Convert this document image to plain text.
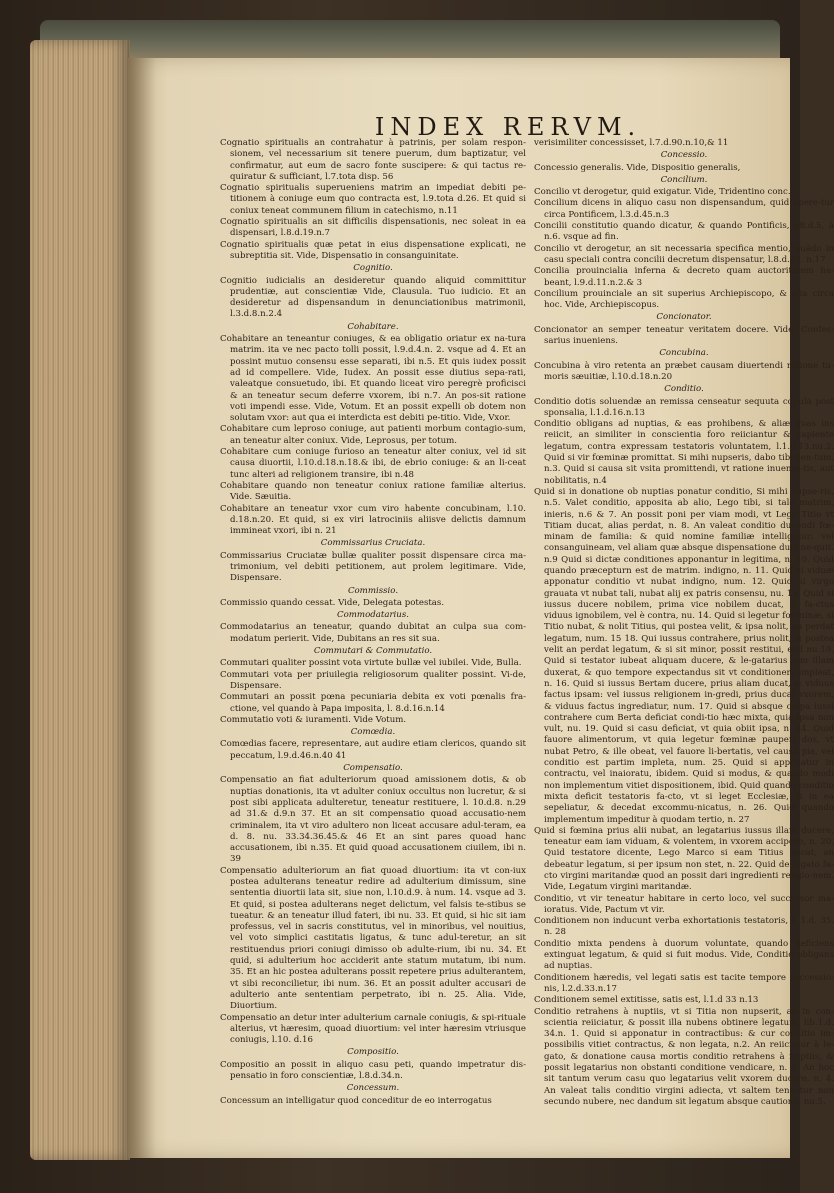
INDEX RERVM.

Cognatio spiritualis an contrahatur à patrinis, per solam respon-sionem, vel necessarium sit tenere puerum, dum baptizatur, vel confirmatur, aut eum de sacro fonte suscipere: & qui tactus re-quiratur & sufficiant, l.7.tota disp. 56

Cognatio spiritualis superueniens matrim an impediat debiti pe-titionem à coniuge eum quo contracta est, l.9.tota d.26. Et quid si coniux teneat communem filium in catechismo, n.11

Cognatio spiritualis an sit difficilis dispensationis, nec soleat in ea dispensari, l.8.d.19.n.7

Cognatio spiritualis quæ petat in eius dispensatione explicati, ne subreptitia sit. Vide, Dispensatio in consanguinitate.

Cognitio.

Cognitio iudicialis an desideretur quando aliquid committitur prudentiæ, aut conscientiæ Vide, Clausula. Tuo iudicio. Et an desideretur ad dispensandum in denunciationibus matrimonii, l.3.d.8.n.2.4

Cohabitare.

Cohabitare an teneantur coniuges, & ea obligatio oriatur ex na-tura matrim. ita ve nec pacto tolli possit, l.9.d.4.n. 2. vsque ad 4. Et an possint mutuo consensu esse separati, ibi n.5. Et quis iudex possit ad id compellere. Vide, Iudex. An possit esse diutius sepa-rati, valeatque consuetudo, ibi. Et quando liceat viro peregrè proficisci & an teneatur secum deferre vxorem, ibi n.7. An pos-sit ratione voti impendi esse. Vide, Votum. Et an possit expelli ob dotem non solutam vxor: aut qua ei interdicta est debiti pe-titio. Vide, Vxor.

Cohabitare cum leproso coniuge, aut patienti morbum contagio-sum, an teneatur alter coniux. Vide, Leprosus, per totum.

Cohabitare cum coniuge furioso an teneatur alter coniux, vel id sit causa diuortii, l.10.d.18.n.18.& ibi, de ebrio coniuge: & an li-ceat tunc alteri ad religionem transire, ibi n.48

Cohabitare quando non teneatur coniux ratione familiæ alterius. Vide. Sæuitia.

Cohabitare an teneatur vxor cum viro habente concubinam, l.10. d.18.n.20. Et quid, si ex viri latrociniis aliisve delictis damnum immineat vxori, ibi n. 21

Commissarius Cruciata.

Commissarius Cruciatæ bullæ qualiter possit dispensare circa ma-trimonium, vel debiti petitionem, aut prolem legitimare. Vide, Dispensare.

Commissio.

Commissio quando cessat. Vide, Delegata potestas.

Commodatarius.

Commodatarius an teneatur, quando dubitat an culpa sua com-modatum perierit. Vide, Dubitans an res sit sua.

Commutari & Commutatio.

Commutari qualiter possint vota virtute bullæ vel iubilei. Vide, Bulla.

Commutari vota per priuilegia religiosorum qualiter possint. Vi-de, Dispensare.

Commutari an possit pœna pecuniaria debita ex voti pœnalis fra-ctione, vel quando à Papa imposita, l. 8.d.16.n.14

Commutatio voti & iuramenti. Vide Votum.

Comœdia.

Comœdias facere, representare, aut audire etiam clericos, quando sit peccatum, l.9.d.46.n.40 41

Compensatio.

Compensatio an fiat adulteriorum quoad amissionem dotis, & ob nuptias donationis, ita vt adulter coniux occultus non lucretur, & si post sibi applicata adulteretur, teneatur restituere, l. 10.d.8. n.29 ad 31.& d.9.n 37. Et an sit compensatio quoad accusatio-nem criminalem, ita vt viro adultero non liceat accusare adul-teram, ea d. 8. nu. 33.34.36.45.& 46 Et an sint pares quoad hanc accusationem, ibi n.35. Et quid quoad accusationem ciuilem, ibi n. 39

Compensatio adulteriorum an fiat quoad diuortium: ita vt con-iux postea adulterans teneatur redire ad adulterium dimissum, sine sententia diuortii lata sit, siue non, l.10.d.9. à num. 14. vsque ad 3. Et quid, si postea adulterans neget delictum, vel falsis te-stibus se tueatur. & an teneatur illud fateri, ibi nu. 33. Et quid, si hic sit iam professus, vel in sacris constitutus, vel in minoribus, vel nouitius, vel voto simplici castitatis ligatus, & tunc adul-teretur, an sit restituendus priori coniugi dimisso ob adulte-rium, ibi nu. 34. Et quid, si adulterium hoc acciderit ante statum mutatum, ibi num. 35. Et an hic postea adulterans possit repetere prius adulterantem, vt sibi reconcilietur, ibi num. 36. Et an possit adulter accusari de adulterio ante sententiam perpetrato, ibi n. 25. Alia. Vide, Diuortium.

Compensatio an detur inter adulterium carnale coniugis, & spi-rituale alterius, vt hæresim, quoad diuortium: vel inter hæresim vtriusque coniugis, l.10. d.16

Compositio.

Compositio an possit in aliquo casu peti, quando impetratur dis-pensatio in foro conscientiæ, l.8.d.34.n.

Concessum.

Concessum an intelligatur quod conceditur de eo interrogatus

verisimiliter concessisset, l.7.d.90.n.10,& 11

Concessio.

Concessio generalis. Vide, Dispositio generalis,

Concilium.

Concilio vt derogetur, quid exigatur. Vide, Tridentino conc.

Concilium dicens in aliquo casu non dispensandum, quid opere-tur circa Pontificem, l.3.d.45.n.3

Concilii constitutio quando dicatur, & quando Pontificis, l.8.d.5, à n.6. vsque ad fin.

Concilio vt derogetur, an sit necessaria specifica mentio, quãdo in casu speciali contra concilii decretum dispensatur, l.8.d.33. n.17

Concilia prouincialia inferna & decreto quam auctoritatem ha-beant, l.9.d.11.n.2.& 3

Concilium prouinciale an sit superius Archiepiscopo, & alia circa hoc. Vide, Archiepiscopus.

Concionator.

Concionator an semper teneatur veritatem docere. Vide, Confes-sarius inueniens.

Concubina.

Concubina à viro retenta an præbet causam diuertendi ratione tu-moris sæuitiæ, l.10.d.18.n.20

Conditio.

Conditio dotis soluendæ an remissa censeatur sequuta copula post sponsalia, l.1.d.16.n.13

Conditio obligans ad nuptias, & eas prohibens, & aliæ quas ins reiicit, an similiter in conscientia foro reiiciantur & capiente legatum, contra expressam testatoris voluntatem, l.1.d.13.nu.2. Quid si vir fœminæ promittat. Si mihi nupseris, dabo tibi cen-tum, n.3. Quid si causa sit vsita promittendi, vt ratione inuentu-tis, aut nobilitatis, n.4

Quid si in donatione ob nuptias ponatur conditio, Si mihi nupse-ris, n.5. Valet conditio, apposita ab alio, Lego tibi, si tale matrim. inieris, n.6 & 7. An possit poni per viam modi, vt Lego Titio vt Titiam ducat, alias perdat, n. 8. An valeat conditio ducendi fœ-minam de familia: & quid nomine familiæ intelligatur: vel consanguineam, vel aliam quæ absque dispensatione duci ne-quit. n.9 Quid si dictæ conditiones apponantur in legitima, n. 10. Quid quando præcepturn est de matrim. indigno, n. 11. Quid si viduæ apponatur conditio vt nubat indigno, num. 12. Quid si virgo grauata vt nubat tali, nubat alij ex patris consensu, nu. 13. Quid si iussus ducere nobilem, prima vice nobilem ducat, & fa-ctus viduus ignobilem, vel è contra, nu. 14. Quid si legetur fœ-minæ, si Titio nubat, & nolit Titius, qui postea velit, & ipsa nolit, an perdat legatum, num. 15 18. Qui iussus contrahere, prius nolit, & postea velit an perdat legatum, & si sit minor, possit restitui, eod nu.19. Quid si testator iubeat aliquam ducere, & le-gatarius iam illam duxerat, & quo tempore expectandus sit vt conditionem impleat, n. 16. Quid si iussus Bertam ducere, prius aliam ducat, & viduus factus ipsam: vel iussus religionem in-gredi, prius ducat vxorem, & viduus factus ingrediatur, num. 17. Quid si absque culpa iussi contrahere cum Berta deficiat condi-tio hæc mixta, quia ipsa non vult, nu. 19. Quid si casu deficiat, vt quia obiit ipsa, n. 24. Quid fauore alimentorum, vt quia legetur fœminæ pauperi dos, vt nubat Petro, & ille obeat, vel fauore li-bertatis, vel causa pia, vel conditio est partim impleta, num. 25. Quid si apponatur in contractu, vel inaioratu, ibidem. Quid si modus, & quando modi non implementum vitiet dispositionem, ibid. Quid quando conditio mixta deficit testatoris fa-cto, vt si leget Ecclesiæ, si in ea sepeliatur, & decedat excommu-nicatus, n. 26. Quid quando implementum impeditur à quodam tertio, n. 27

Quid si fœmina prius alii nubat, an legatarius iussus illam ducere, teneatur eam iam viduam, & volentem, in vxorem accipere, n. 20. Quid testatore dicente, Lego Marco si eam Titius ducat, an debeatur legatum, si per ipsum non stet, n. 22. Quid de legato fa-cto virgini maritandæ quod an possit dari ingredienti religio-nem. Vide, Legatum virgini maritandæ.

Conditio, vt vir teneatur habitare in certo loco, vel successor ma-ioratus. Vide, Pactum vt vir.

Conditionem non inducunt verba exhortationis testatoris, l. 1.d. 35. n. 28

Conditio mixta pendens à duorum voluntate, quando deficiens extinguat legatum, & quid si fuit modus. Vide, Conditio obligans ad nuptias.

Conditionem hæredis, vel legati satis est tacite tempore successio-nis, l.2.d.33.n.17

Conditionem semel extitisse, satis est, l.1.d 33 n.13

Conditio retrahens à nuptiis, vt si Titia non nupserit, an in con-scientia reiiciatur, & possit illa nubens obtinere legatum, lib.1.d. 34.n. 1. Quid si apponatur in contractibus: & cur conditio im-possibilis vitiet contractus, & non legata, n.2. An reiiciatur à le-gato, & donatione causa mortis conditio retrahens à nuptiis, & possit legatarius non obstanti conditione vendicare, n. 3. An hoc sit tantum verum casu quo legatarius velit vxorem ducere, n. 4. An valeat talis conditio virgini adiecta, vt saltem teneatur non secundo nubere, nec dandum sit legatum absque cautione, nu.5.
